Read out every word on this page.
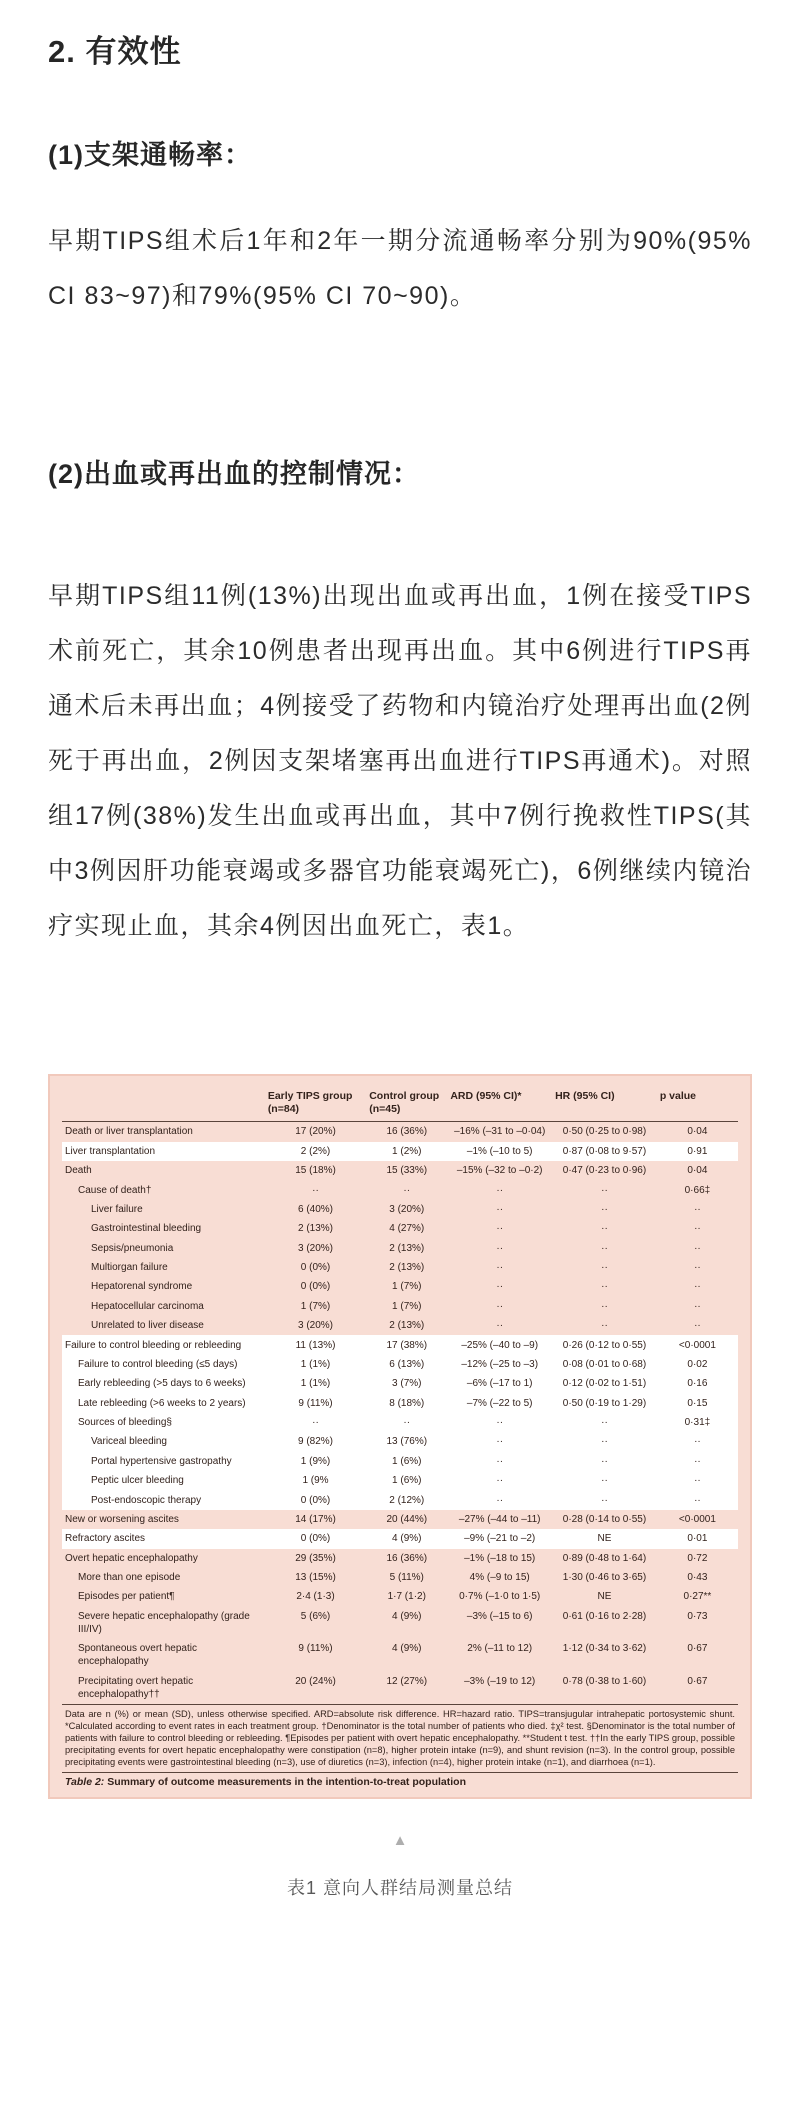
2. 有效性
(1)支架通畅率：

早期TIPS组术后1年和2年一期分流通畅率分别为90%(95% CI 83~97)和79%(95% CI 70~90)。

(2)出血或再出血的控制情况：

早期TIPS组11例(13%)出现出血或再出血，1例在接受TIPS术前死亡，其余10例患者出现再出血。其中6例进行TIPS再通术后未再出血；4例接受了药物和内镜治疗处理再出血(2例死于再出血，2例因支架堵塞再出血进行TIPS再通术)。对照组17例(38%)发生出血或再出血，其中7例行挽救性TIPS(其中3例因肝功能衰竭或多器官功能衰竭死亡)，6例继续内镜治疗实现止血，其余4例因出血死亡，表1。

	Early TIPS group
(n=84)	Control group
(n=45)	ARD (95% CI)*	HR (95% CI)	p value
Death or liver transplantation	17 (20%)	16 (36%)	–16% (–31 to –0·04)	0·50 (0·25 to 0·98)	0·04
Liver transplantation	2 (2%)	1 (2%)	–1% (–10 to 5)	0·87 (0·08 to 9·57)	0·91
Death	15 (18%)	15 (33%)	–15% (–32 to –0·2)	0·47 (0·23 to 0·96)	0·04
Cause of death†	··	··	··	··	0·66‡
Liver failure	6 (40%)	3 (20%)	··	··	··
Gastrointestinal bleeding	2 (13%)	4 (27%)	··	··	··
Sepsis/pneumonia	3 (20%)	2 (13%)	··	··	··
Multiorgan failure	0 (0%)	2 (13%)	··	··	··
Hepatorenal syndrome	0 (0%)	1 (7%)	··	··	··
Hepatocellular carcinoma	1 (7%)	1 (7%)	··	··	··
Unrelated to liver disease	3 (20%)	2 (13%)	··	··	··
Failure to control bleeding or rebleeding	11 (13%)	17 (38%)	–25% (–40 to –9)	0·26 (0·12 to 0·55)	<0·0001
Failure to control bleeding (≤5 days)	1 (1%)	6 (13%)	–12% (–25 to –3)	0·08 (0·01 to 0·68)	0·02
Early rebleeding (>5 days to 6 weeks)	1 (1%)	3 (7%)	–6% (–17 to 1)	0·12 (0·02 to 1·51)	0·16
Late rebleeding (>6 weeks to 2 years)	9 (11%)	8 (18%)	–7% (–22 to 5)	0·50 (0·19 to 1·29)	0·15
Sources of bleeding§	··	··	··	··	0·31‡
Variceal bleeding	9 (82%)	13 (76%)	··	··	··
Portal hypertensive gastropathy	1 (9%)	1 (6%)	··	··	··
Peptic ulcer bleeding	1 (9%	1 (6%)	··	··	··
Post-endoscopic therapy	0 (0%)	2 (12%)	··	··	··
New or worsening ascites	14 (17%)	20 (44%)	–27% (–44 to –11)	0·28 (0·14 to 0·55)	<0·0001
Refractory ascites	0 (0%)	4 (9%)	–9% (–21 to –2)	NE	0·01
Overt hepatic encephalopathy	29 (35%)	16 (36%)	–1% (–18 to 15)	0·89 (0·48 to 1·64)	0·72
More than one episode	13 (15%)	5 (11%)	4% (–9 to 15)	1·30 (0·46 to 3·65)	0·43
Episodes per patient¶	2·4 (1·3)	1·7 (1·2)	0·7% (–1·0 to 1·5)	NE	0·27**
Severe hepatic encephalopathy (grade III/IV)	5 (6%)	4 (9%)	–3% (–15 to 6)	0·61 (0·16 to 2·28)	0·73
Spontaneous overt hepatic encephalopathy	9 (11%)	4 (9%)	2% (–11 to 12)	1·12 (0·34 to 3·62)	0·67
Precipitating overt hepatic encephalopathy††	20 (24%)	12 (27%)	–3% (–19 to 12)	0·78 (0·38 to 1·60)	0·67
Data are n (%) or mean (SD), unless otherwise specified. ARD=absolute risk difference. HR=hazard ratio. TIPS=transjugular intrahepatic portosystemic shunt. *Calculated according to event rates in each treatment group. †Denominator is the total number of patients who died. ‡χ² test. §Denominator is the total number of patients with failure to control bleeding or rebleeding. ¶Episodes per patient with overt hepatic encephalopathy. **Student t test. ††In the early TIPS group, possible precipitating events for overt hepatic encephalopathy were constipation (n=8), higher protein intake (n=9), and shunt revision (n=3). In the control group, possible precipitating events were gastrointestinal bleeding (n=3), use of diuretics (n=3), infection (n=4), higher protein intake (n=1), and diarrhoea (n=1).					
Table 2: Summary of outcome measurements in the intention-to-treat population					
▲
表1 意向人群结局测量总结
